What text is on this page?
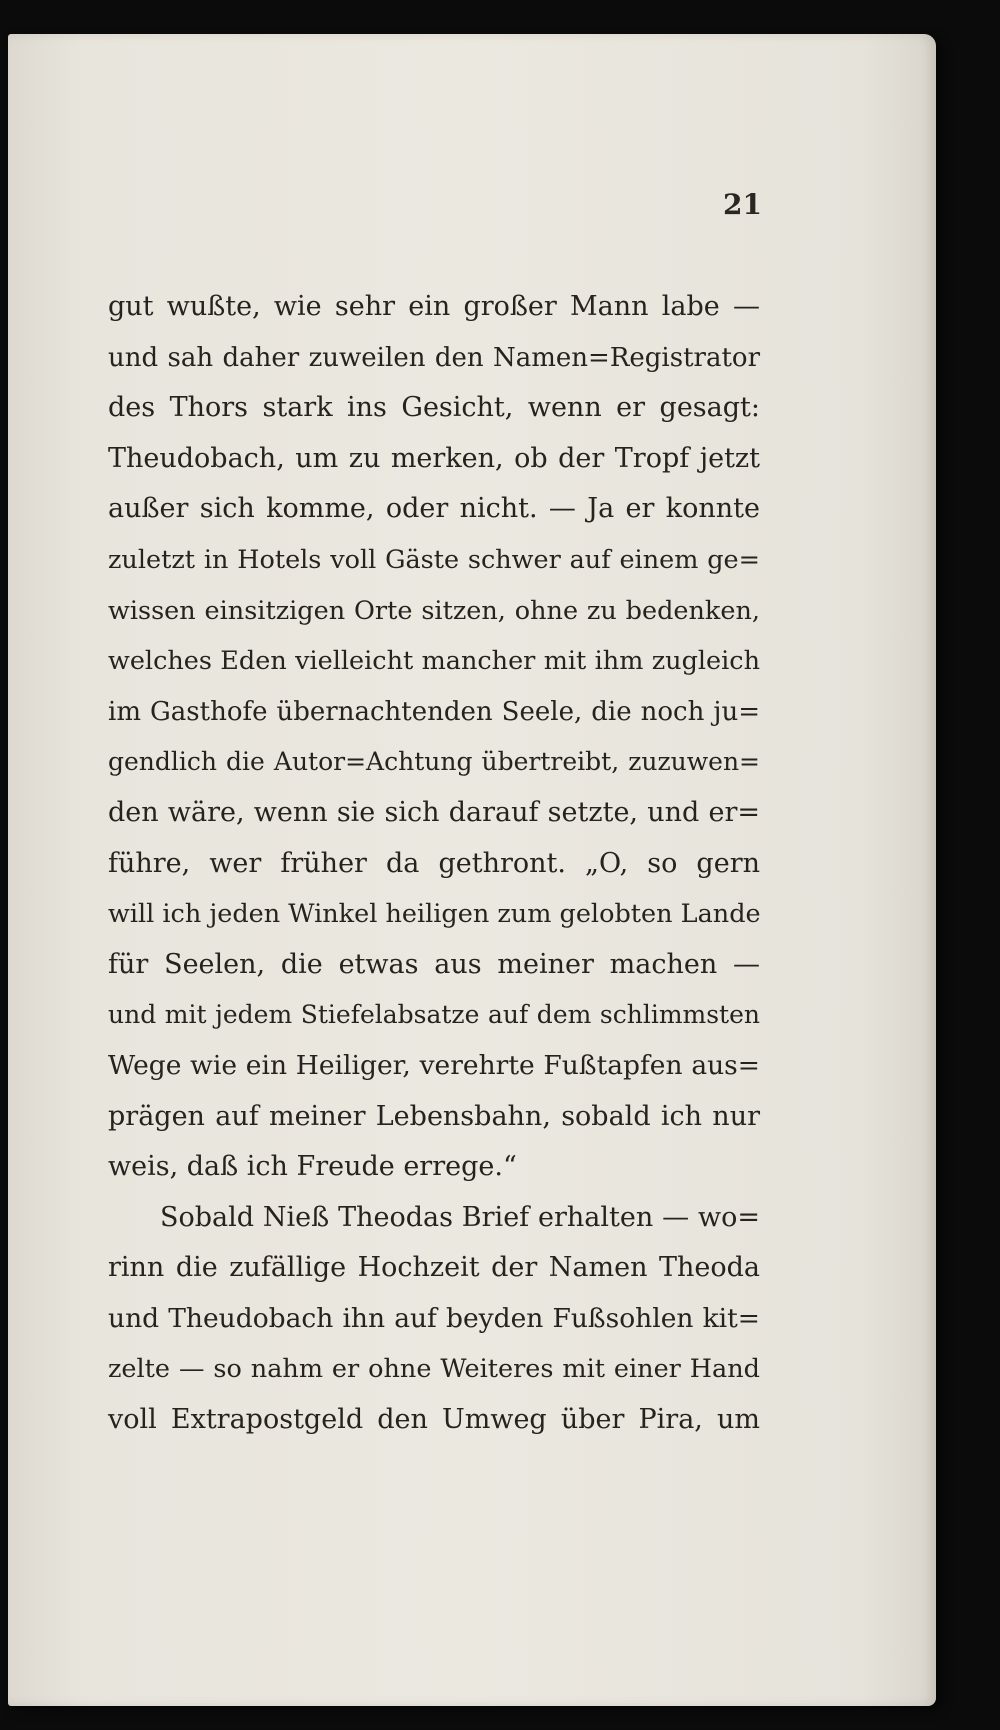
21
gut wußte, wie sehr ein großer Mann labe —
und sah daher zuweilen den Namen=Registrator
des Thors stark ins Gesicht, wenn er gesagt:
Theudobach, um zu merken, ob der Tropf jetzt
außer sich komme, oder nicht. — Ja er konnte
zuletzt in Hotels voll Gäste schwer auf einem ge=
wissen einsitzigen Orte sitzen, ohne zu bedenken,
welches Eden vielleicht mancher mit ihm zugleich
im Gasthofe übernachtenden Seele, die noch ju=
gendlich die Autor=Achtung übertreibt, zuzuwen=
den wäre, wenn sie sich darauf setzte, und er=
führe, wer früher da gethront. „O, so gern
will ich jeden Winkel heiligen zum gelobten Lande
für Seelen, die etwas aus meiner machen —
und mit jedem Stiefelabsatze auf dem schlimmsten
Wege wie ein Heiliger, verehrte Fußtapfen aus=
prägen auf meiner Lebensbahn, sobald ich nur
weis, daß ich Freude errege.“
Sobald Nieß Theodas Brief erhalten — wo=
rinn die zufällige Hochzeit der Namen Theoda
und Theudobach ihn auf beyden Fußsohlen kit=
zelte — so nahm er ohne Weiteres mit einer Hand
voll Extrapostgeld den Umweg über Pira, um
